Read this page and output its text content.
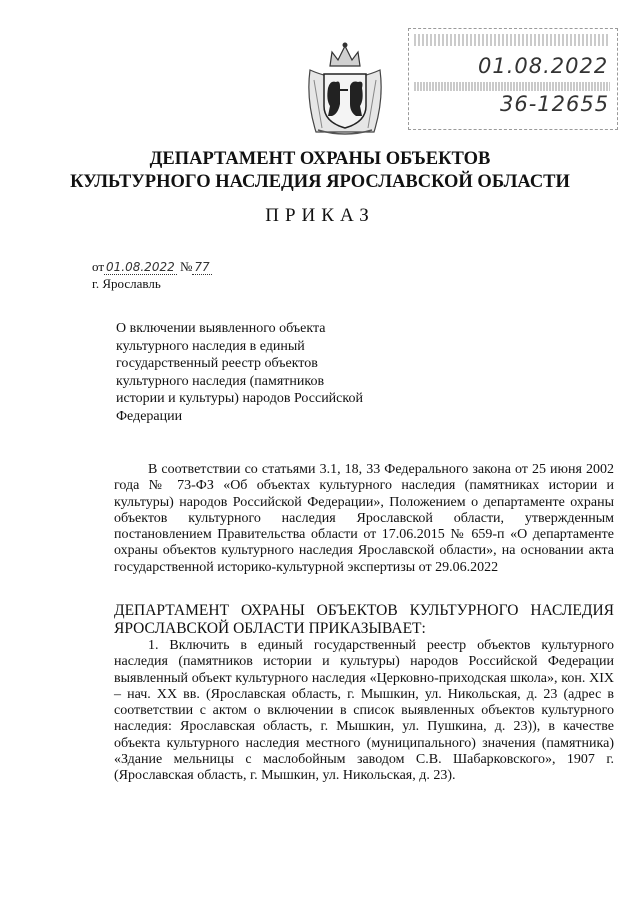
01.08.2022
36-12655
ДЕПАРТАМЕНТ ОХРАНЫ ОБЪЕКТОВ
КУЛЬТУРНОГО НАСЛЕДИЯ ЯРОСЛАВСКОЙ ОБЛАСТИ
ПРИКАЗ
от 01.08.2022 № 77
г. Ярославль
О включении выявленного объекта культурного наследия в единый государственный реестр объектов культурного наследия (памятников истории и культуры) народов Российской Федерации
В соответствии со статьями 3.1, 18, 33 Федерального закона от 25 июня 2002 года № 73-ФЗ «Об объектах культурного наследия (памятниках истории и культуры) народов Российской Федерации», Положением о департаменте охраны объектов культурного наследия Ярославской области, утвержденным постановлением Правительства области от 17.06.2015 № 659-п «О департаменте охраны объектов культурного наследия Ярославской области», на основании акта государственной историко-культурной экспертизы от 29.06.2022
ДЕПАРТАМЕНТ ОХРАНЫ ОБЪЕКТОВ КУЛЬТУРНОГО НАСЛЕДИЯ ЯРОСЛАВСКОЙ ОБЛАСТИ ПРИКАЗЫВАЕТ:
1. Включить в единый государственный реестр объектов культурного наследия (памятников истории и культуры) народов Российской Федерации выявленный объект культурного наследия «Церковно-приходская школа», кон. XIX – нач. XX вв. (Ярославская область, г. Мышкин, ул. Никольская, д. 23 (адрес в соответствии с актом о включении в список выявленных объектов культурного наследия: Ярославская область, г. Мышкин, ул. Пушкина, д. 23)), в качестве объекта культурного наследия местного (муниципального) значения (памятника) «Здание мельницы с маслобойным заводом С.В. Шабарковского», 1907 г. (Ярославская область, г. Мышкин, ул. Никольская, д. 23).
